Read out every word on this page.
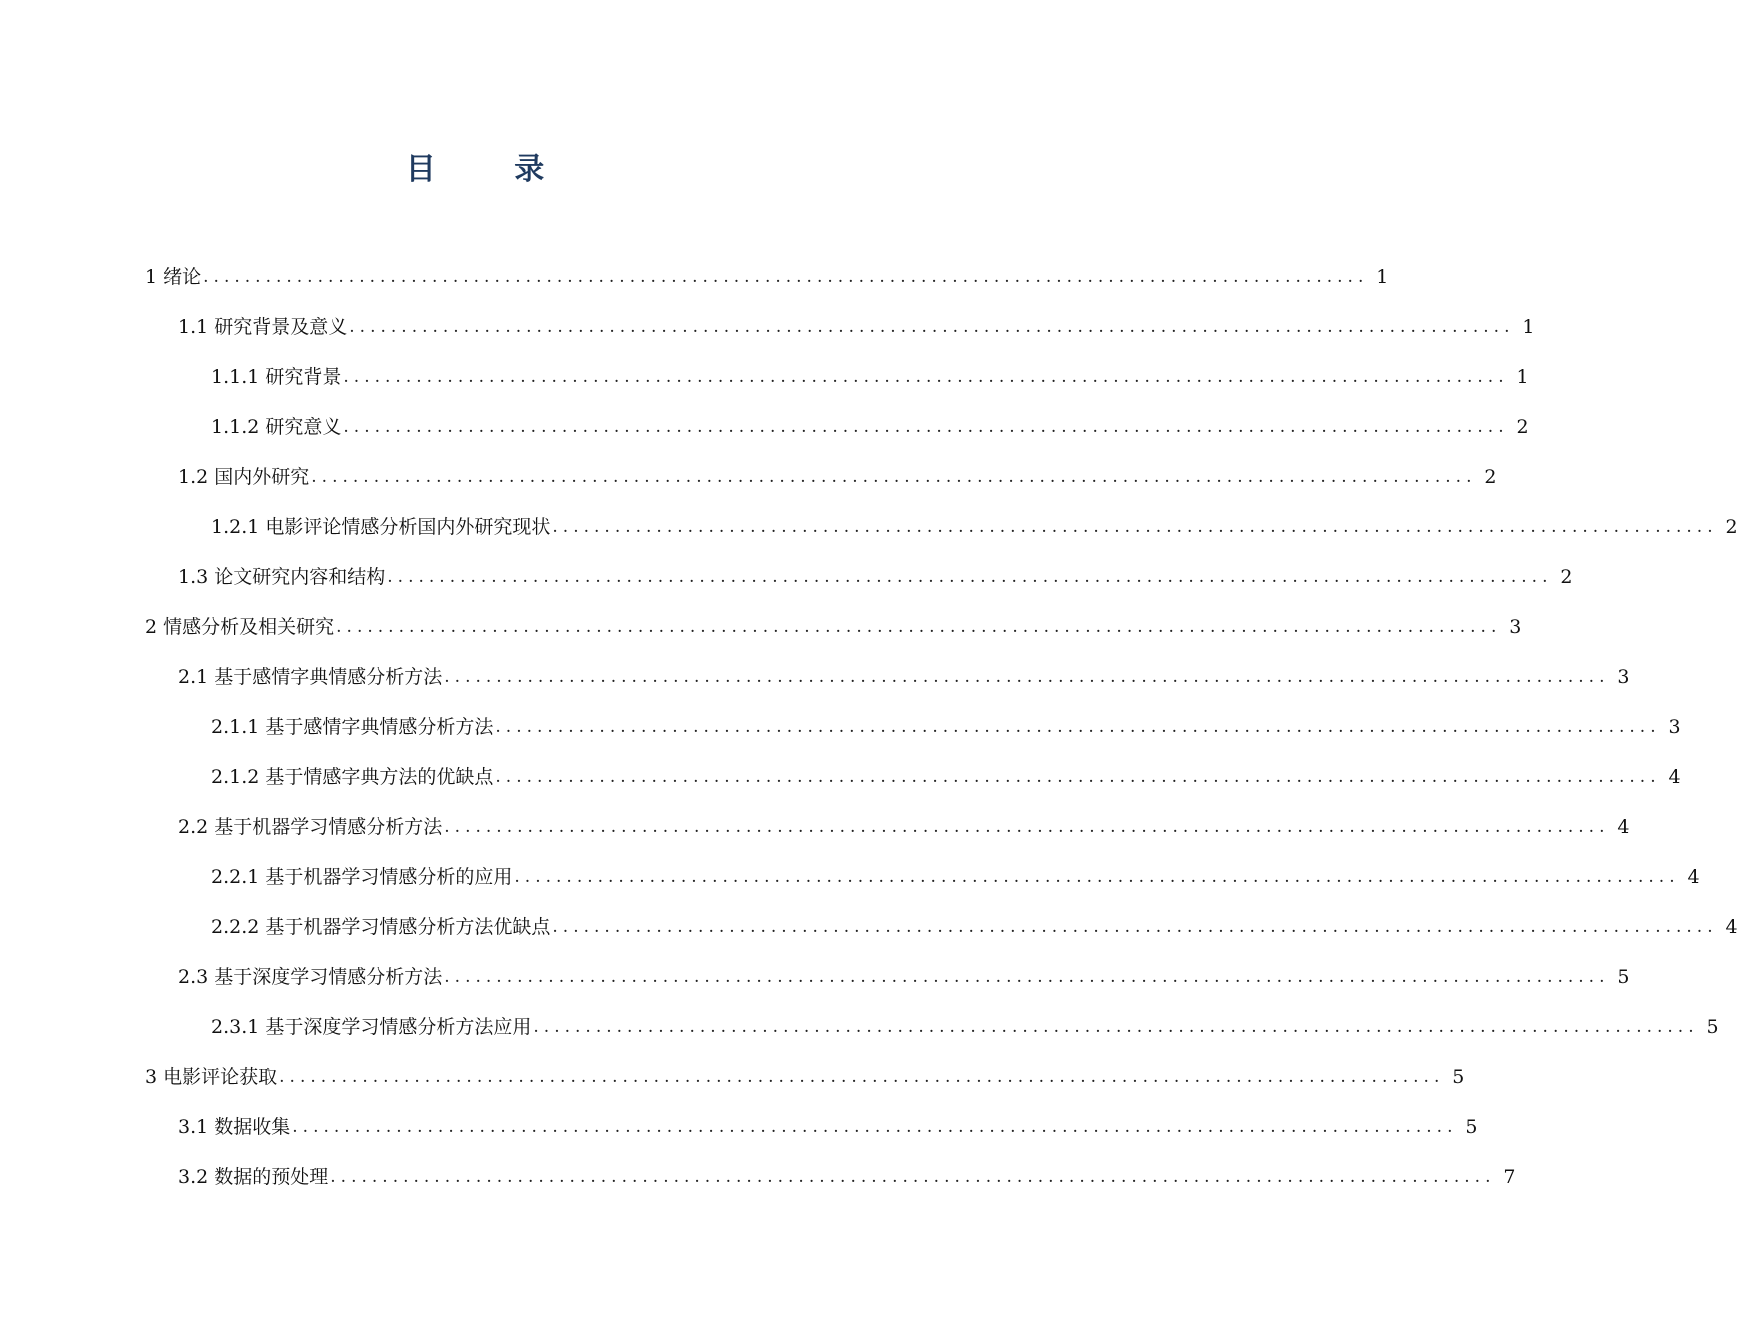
目 录
1 绪论 ................................................................................................................ 1
1.1 研究背景及意义 ................................................................................................................ 1
1.1.1 研究背景 ................................................................................................................ 1
1.1.2 研究意义 ................................................................................................................ 2
1.2 国内外研究 ................................................................................................................ 2
1.2.1 电影评论情感分析国内外研究现状 ................................................................................................................ 2
1.3 论文研究内容和结构 ................................................................................................................ 2
2 情感分析及相关研究 ................................................................................................................ 3
2.1 基于感情字典情感分析方法 ................................................................................................................ 3
2.1.1 基于感情字典情感分析方法 ................................................................................................................ 3
2.1.2 基于情感字典方法的优缺点 ................................................................................................................ 4
2.2 基于机器学习情感分析方法 ................................................................................................................ 4
2.2.1 基于机器学习情感分析的应用 ................................................................................................................ 4
2.2.2 基于机器学习情感分析方法优缺点 ................................................................................................................ 4
2.3 基于深度学习情感分析方法 ................................................................................................................ 5
2.3.1 基于深度学习情感分析方法应用 ................................................................................................................ 5
3 电影评论获取 ................................................................................................................ 5
3.1 数据收集 ................................................................................................................ 5
3.2 数据的预处理 ................................................................................................................ 7
